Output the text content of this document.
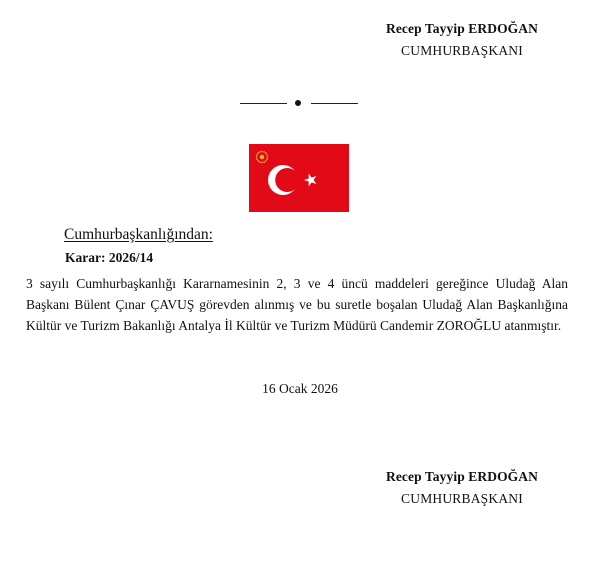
Recep Tayyip ERDOĞAN
CUMHURBAŞKANI
Cumhurbaşkanlığından:
Karar: 2026/14
3 sayılı Cumhurbaşkanlığı Kararnamesinin 2, 3 ve 4 üncü maddeleri gereğince Uludağ Alan Başkanı Bülent Çınar ÇAVUŞ görevden alınmış ve bu suretle boşalan Uludağ Alan Başkanlığına Kültür ve Turizm Bakanlığı Antalya İl Kültür ve Turizm Müdürü Candemir ZOROĞLU atanmıştır.
16 Ocak 2026
Recep Tayyip ERDOĞAN
CUMHURBAŞKANI
